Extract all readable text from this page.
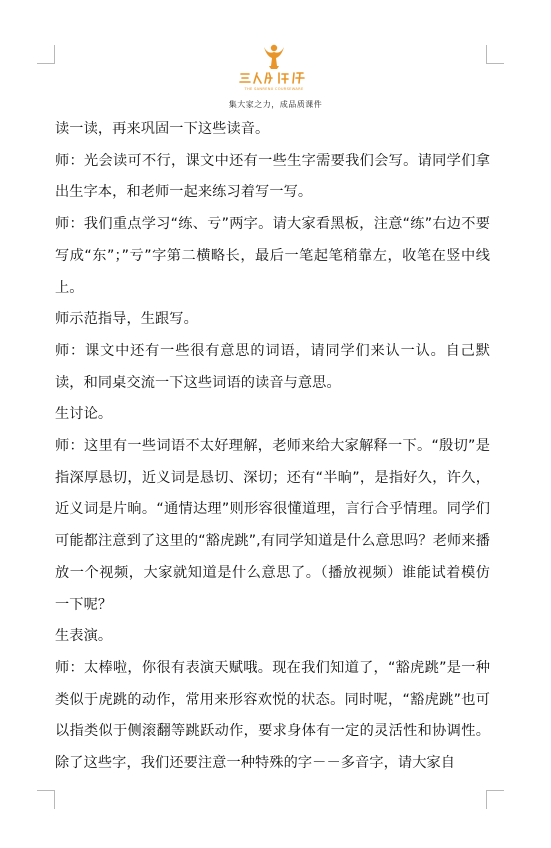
THE SANRENX COURSEWARE
集大家之力，成品质课件

读一读，再来巩固一下这些读音。

师：光会读可不行，课文中还有一些生字需要我们会写。请同学们拿出生字本，和老师一起来练习着写一写。

师：我们重点学习“练、亏”两字。请大家看黑板，注意“练”右边不要写成“东”；”亏”字第二横略长，最后一笔起笔稍靠左，收笔在竖中线上。

师示范指导，生跟写。

师：课文中还有一些很有意思的词语，请同学们来认一认。自己默读，和同桌交流一下这些词语的读音与意思。

生讨论。

师：这里有一些词语不太好理解，老师来给大家解释一下。“殷切”是指深厚恳切，近义词是恳切、深切；还有“半晌”，是指好久，许久，近义词是片晌。“通情达理”则形容很懂道理，言行合乎情理。同学们可能都注意到了这里的“豁虎跳”,有同学知道是什么意思吗？老师来播放一个视频，大家就知道是什么意思了。（播放视频）谁能试着模仿一下呢？

生表演。

师：太棒啦，你很有表演天赋哦。现在我们知道了，“豁虎跳”是一种类似于虎跳的动作，常用来形容欢悦的状态。同时呢，“豁虎跳”也可以指类似于侧滚翻等跳跃动作，要求身体有一定的灵活性和协调性。除了这些字，我们还要注意一种特殊的字－－多音字，请大家自
